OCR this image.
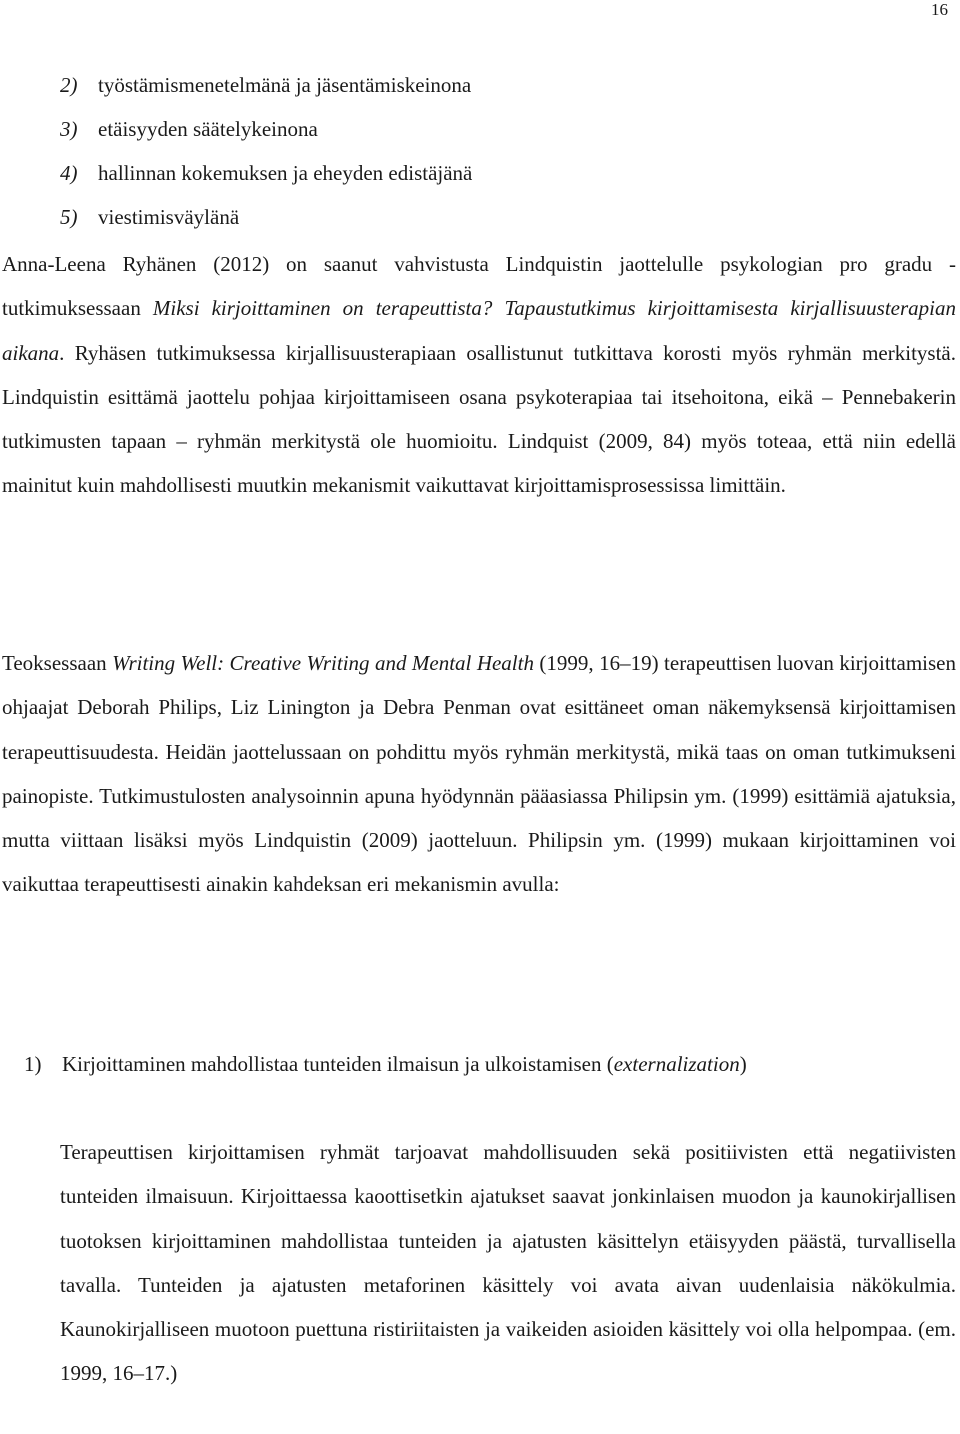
16
2) työstämismenetelmänä ja jäsentämiskeinona
3) etäisyyden säätelykeinona
4) hallinnan kokemuksen ja eheyden edistäjänä
5) viestimisväylänä
Anna-Leena Ryhänen (2012) on saanut vahvistusta Lindquistin jaottelulle psykologian pro gradu -tutkimuksessaan Miksi kirjoittaminen on terapeuttista? Tapaustutkimus kirjoittamisesta kirjallisuusterapian aikana. Ryhäsen tutkimuksessa kirjallisuusterapiaan osallistunut tutkittava korosti myös ryhmän merkitystä. Lindquistin esittämä jaottelu pohjaa kirjoittamiseen osana psykoterapiaa tai itsehoitona, eikä – Pennebakerin tutkimusten tapaan – ryhmän merkitystä ole huomioitu. Lindquist (2009, 84) myös toteaa, että niin edellä mainitut kuin mahdollisesti muutkin mekanismit vaikuttavat kirjoittamisprosessissa limittäin.
Teoksessaan Writing Well: Creative Writing and Mental Health (1999, 16–19) terapeuttisen luovan kirjoittamisen ohjaajat Deborah Philips, Liz Linington ja Debra Penman ovat esittäneet oman näkemyksensä kirjoittamisen terapeuttisuudesta. Heidän jaottelussaan on pohdittu myös ryhmän merkitystä, mikä taas on oman tutkimukseni painopiste. Tutkimustulosten analysoinnin apuna hyödynnän pääasiassa Philipsin ym. (1999) esittämiä ajatuksia, mutta viittaan lisäksi myös Lindquistin (2009) jaotteluun. Philipsin ym. (1999) mukaan kirjoittaminen voi vaikuttaa terapeuttisesti ainakin kahdeksan eri mekanismin avulla:
1) Kirjoittaminen mahdollistaa tunteiden ilmaisun ja ulkoistamisen (externalization)
Terapeuttisen kirjoittamisen ryhmät tarjoavat mahdollisuuden sekä positiivisten että negatiivisten tunteiden ilmaisuun. Kirjoittaessa kaoottisetkin ajatukset saavat jonkinlaisen muodon ja kaunokirjallisen tuotoksen kirjoittaminen mahdollistaa tunteiden ja ajatusten käsittelyn etäisyyden päästä, turvallisella tavalla. Tunteiden ja ajatusten metaforinen käsittely voi avata aivan uudenlaisia näkökulmia. Kaunokirjalliseen muotoon puettuna ristiriitaisten ja vaikeiden asioiden käsittely voi olla helpompaa. (em. 1999, 16–17.)
